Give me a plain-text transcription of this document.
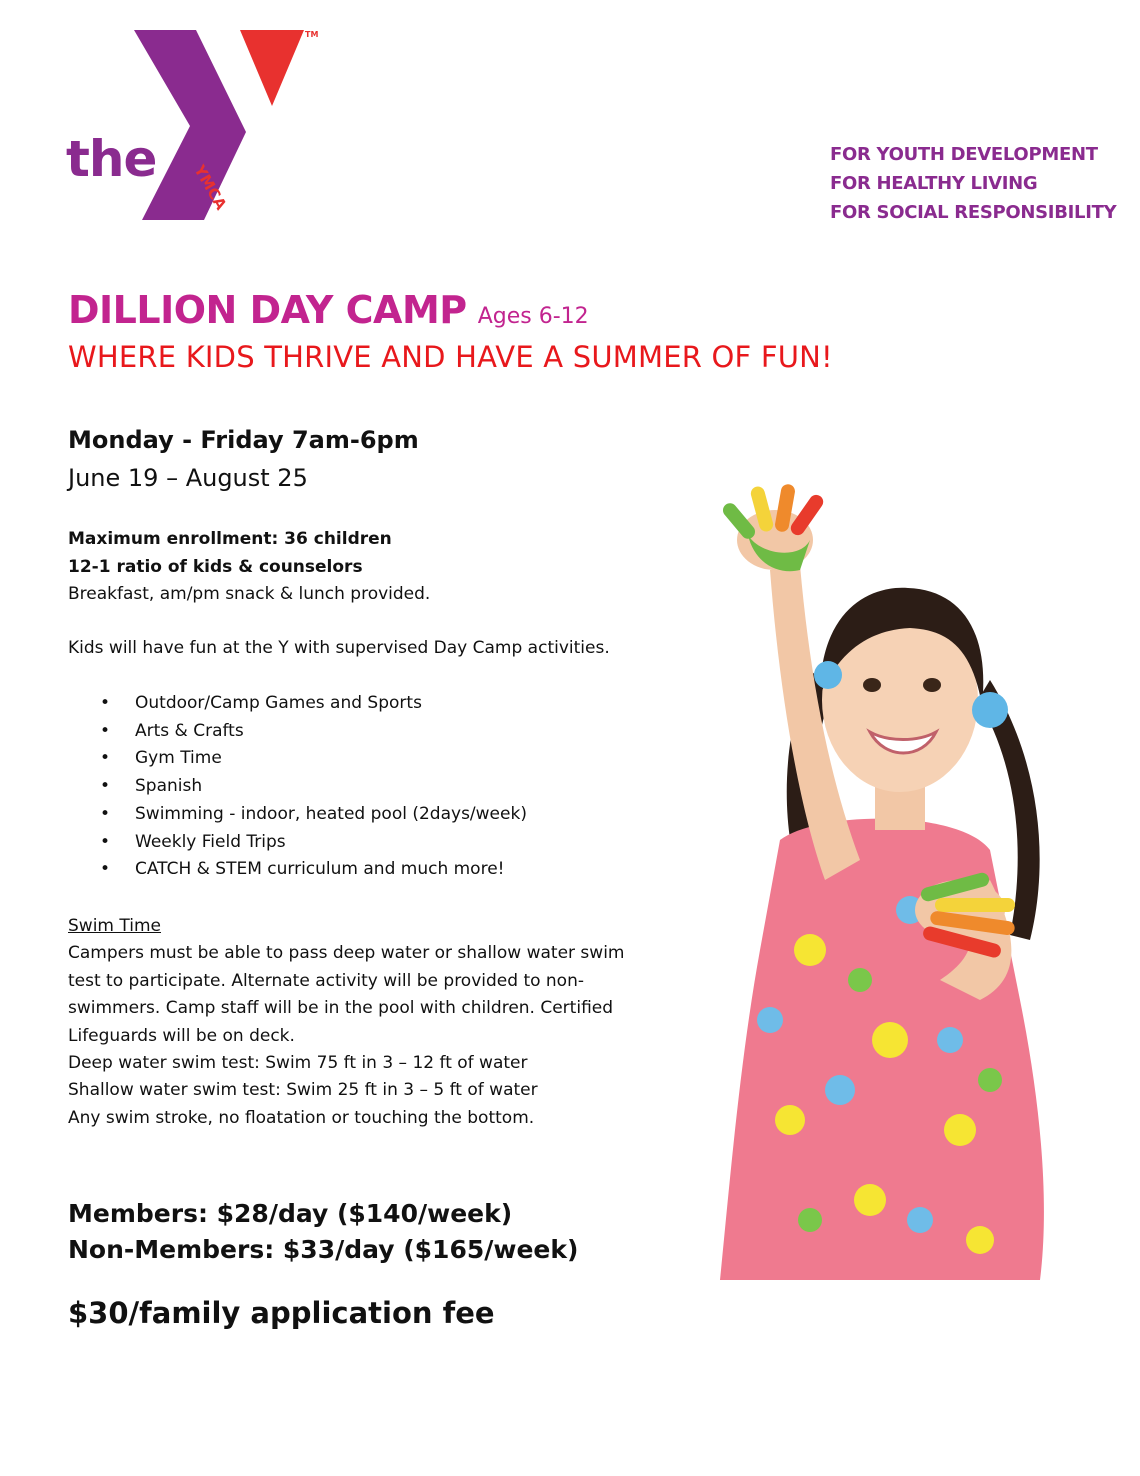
the YMCA
TM
FOR YOUTH DEVELOPMENT
FOR HEALTHY LIVING
FOR SOCIAL RESPONSIBILITY
DILLION DAY CAMP Ages 6-12
WHERE KIDS THRIVE AND HAVE A SUMMER OF FUN!
Monday - Friday 7am-6pm
June 19 – August 25
Maximum enrollment: 36 children
12-1 ratio of kids & counselors
Breakfast, am/pm snack & lunch provided.
Kids will have fun at the Y with supervised Day Camp activities.
• Outdoor/Camp Games and Sports
• Arts & Crafts
• Gym Time
• Spanish
• Swimming - indoor, heated pool (2days/week)
• Weekly Field Trips
• CATCH & STEM curriculum and much more!
Swim Time
Campers must be able to pass deep water or shallow water swim test to participate. Alternate activity will be provided to non-swimmers. Camp staff will be in the pool with children. Certified Lifeguards will be on deck.
Deep water swim test: Swim 75 ft in 3 – 12 ft of water
Shallow water swim test: Swim 25 ft in 3 – 5 ft of water
Any swim stroke, no floatation or touching the bottom.
Members: $28/day ($140/week)
Non-Members: $33/day ($165/week)
$30/family application fee
